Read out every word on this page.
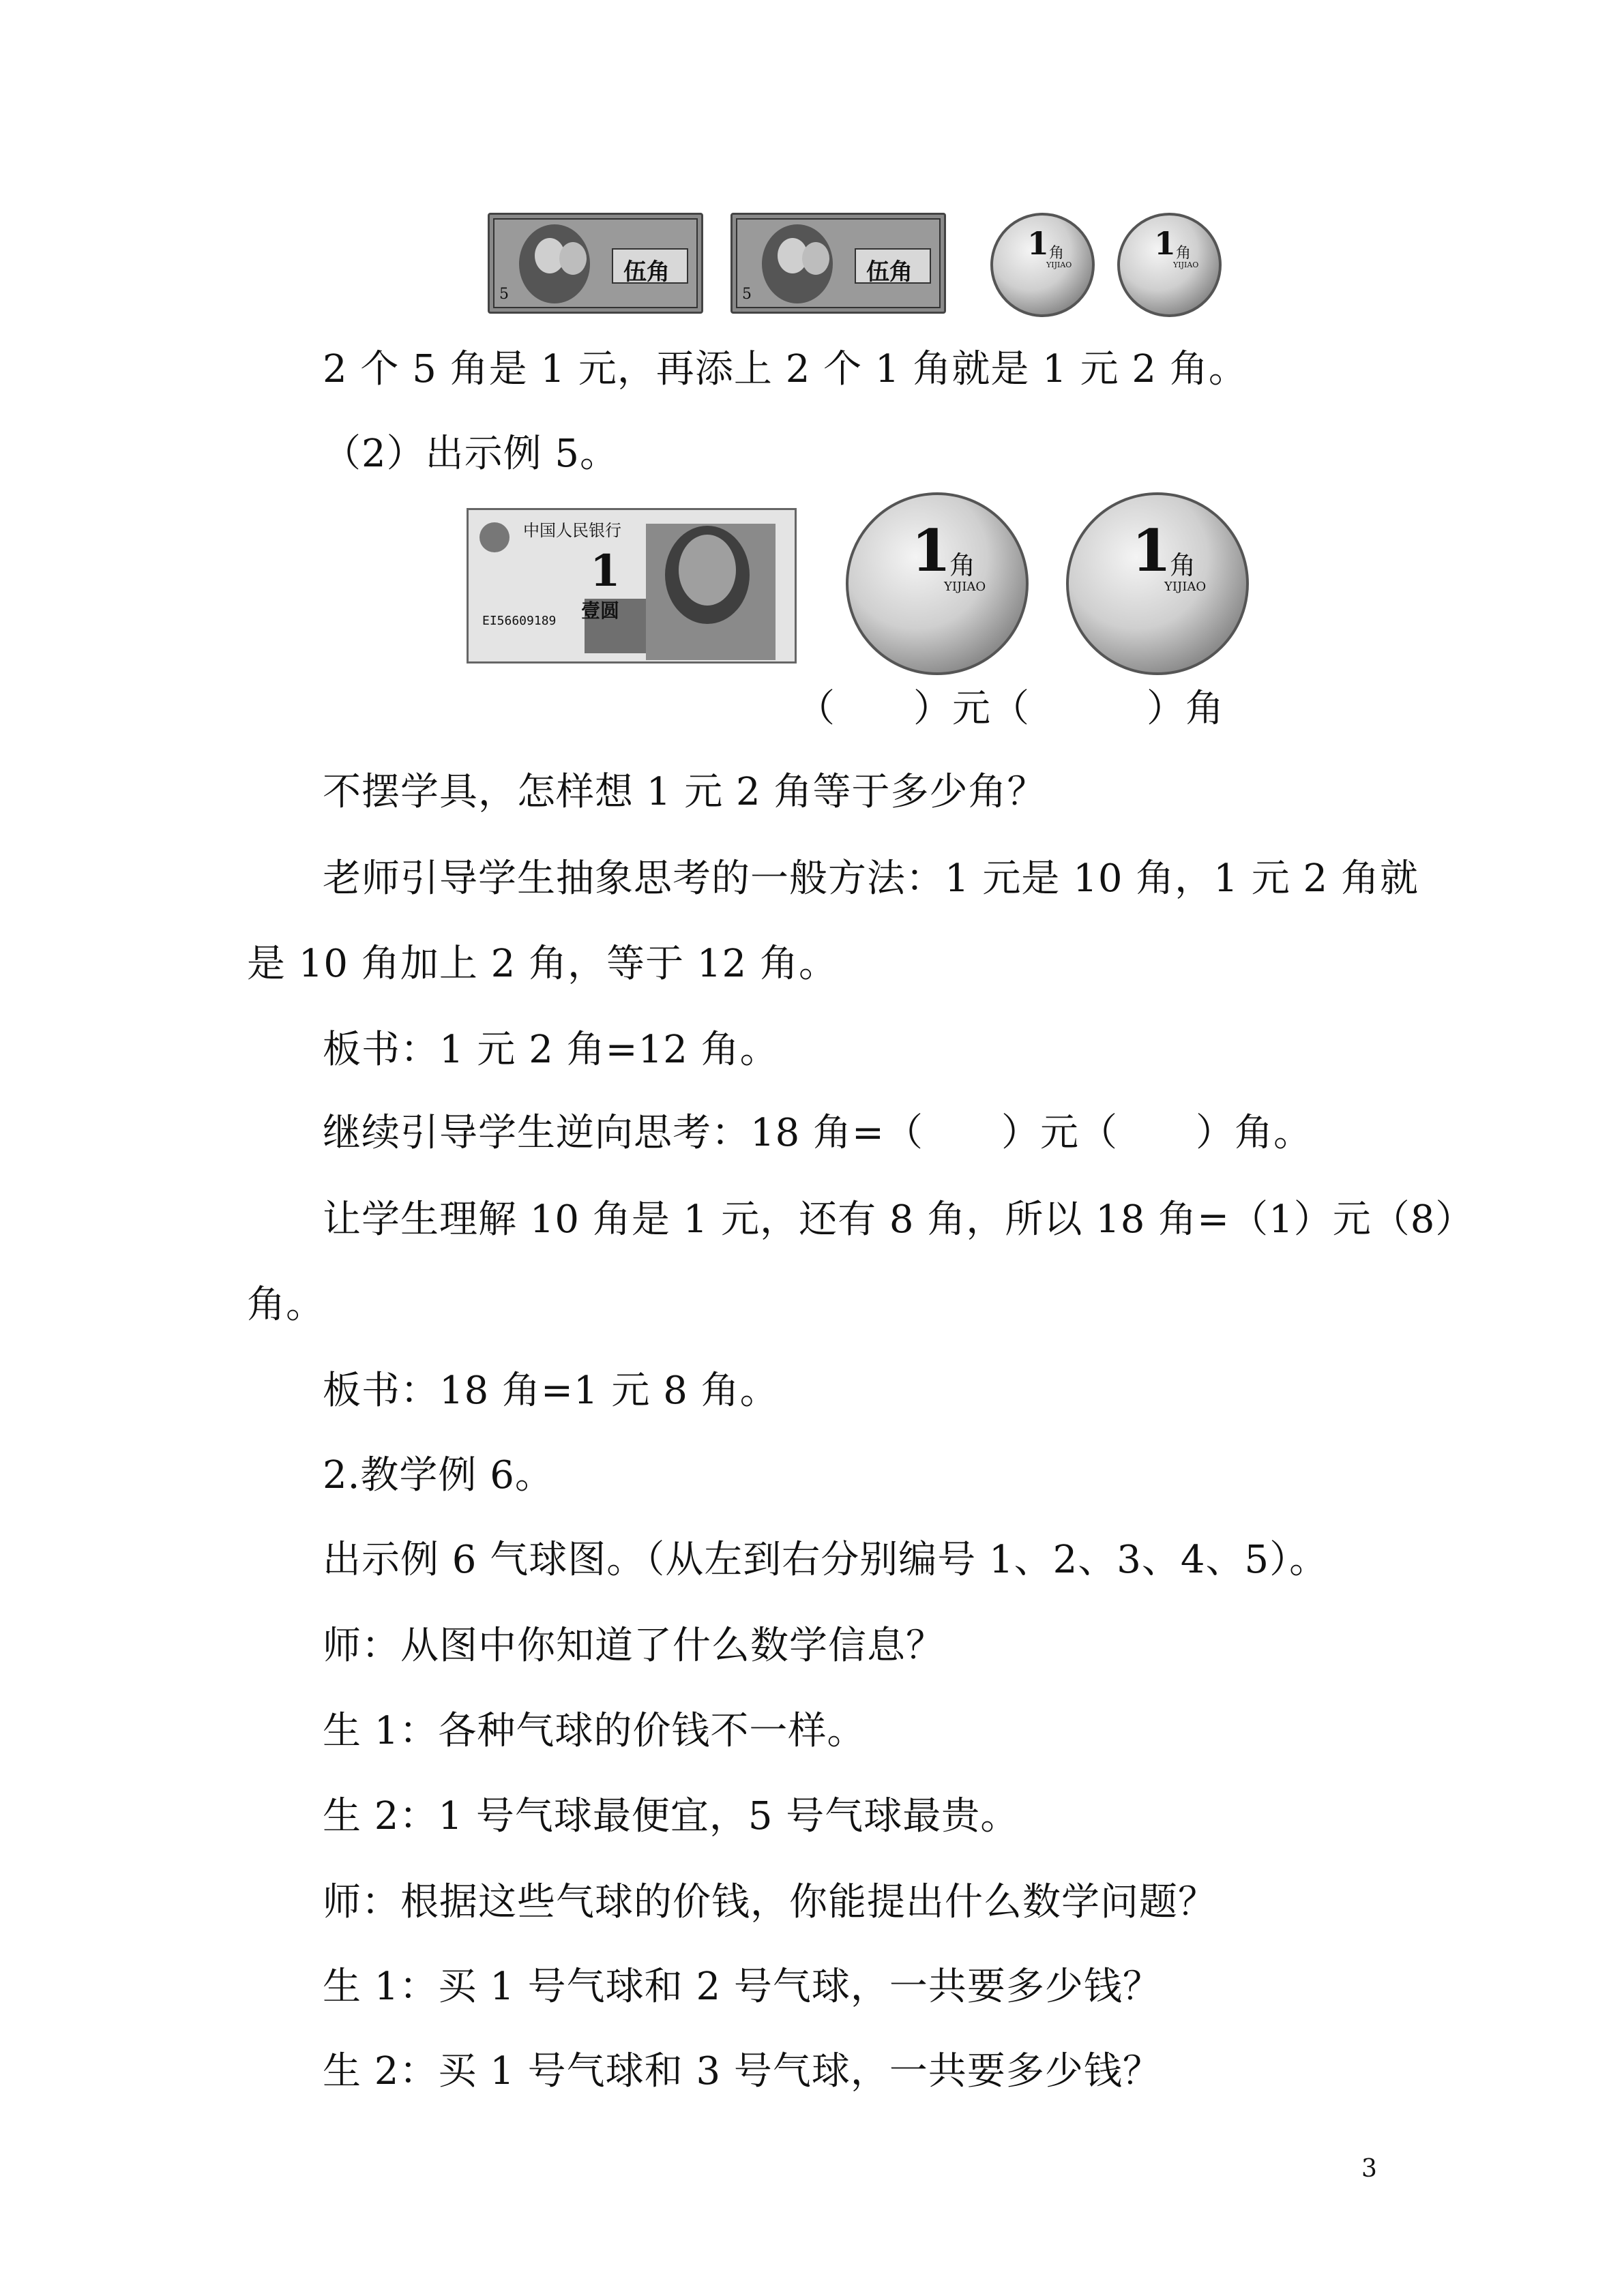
伍角
5
伍角
5
1 角
YIJIAO
1 角
YIJIAO
2 个 5 角是 1 元，再添上 2 个 1 角就是 1 元 2 角。
（2）出示例 5。
中国人民银行
1
壹圆
EI56609189
1
角
YIJIAO
1
角
YIJIAO
（　　）元（　　　）角
不摆学具，怎样想 1 元 2 角等于多少角？
老师引导学生抽象思考的一般方法：1 元是 10 角，1 元 2 角就
是 10 角加上 2 角，等于 12 角。
板书：1 元 2 角=12 角。
继续引导学生逆向思考：18 角=（　　）元（　　）角。
让学生理解 10 角是 1 元，还有 8 角，所以 18 角=（1）元（8）
角。
板书：18 角=1 元 8 角。
2.教学例 6。
出示例 6 气球图。（从左到右分别编号 1、2、3、4、5）。
师：从图中你知道了什么数学信息？
生 1：各种气球的价钱不一样。
生 2：1 号气球最便宜，5 号气球最贵。
师：根据这些气球的价钱，你能提出什么数学问题？
生 1：买 1 号气球和 2 号气球，一共要多少钱？
生 2：买 1 号气球和 3 号气球，一共要多少钱？
3
